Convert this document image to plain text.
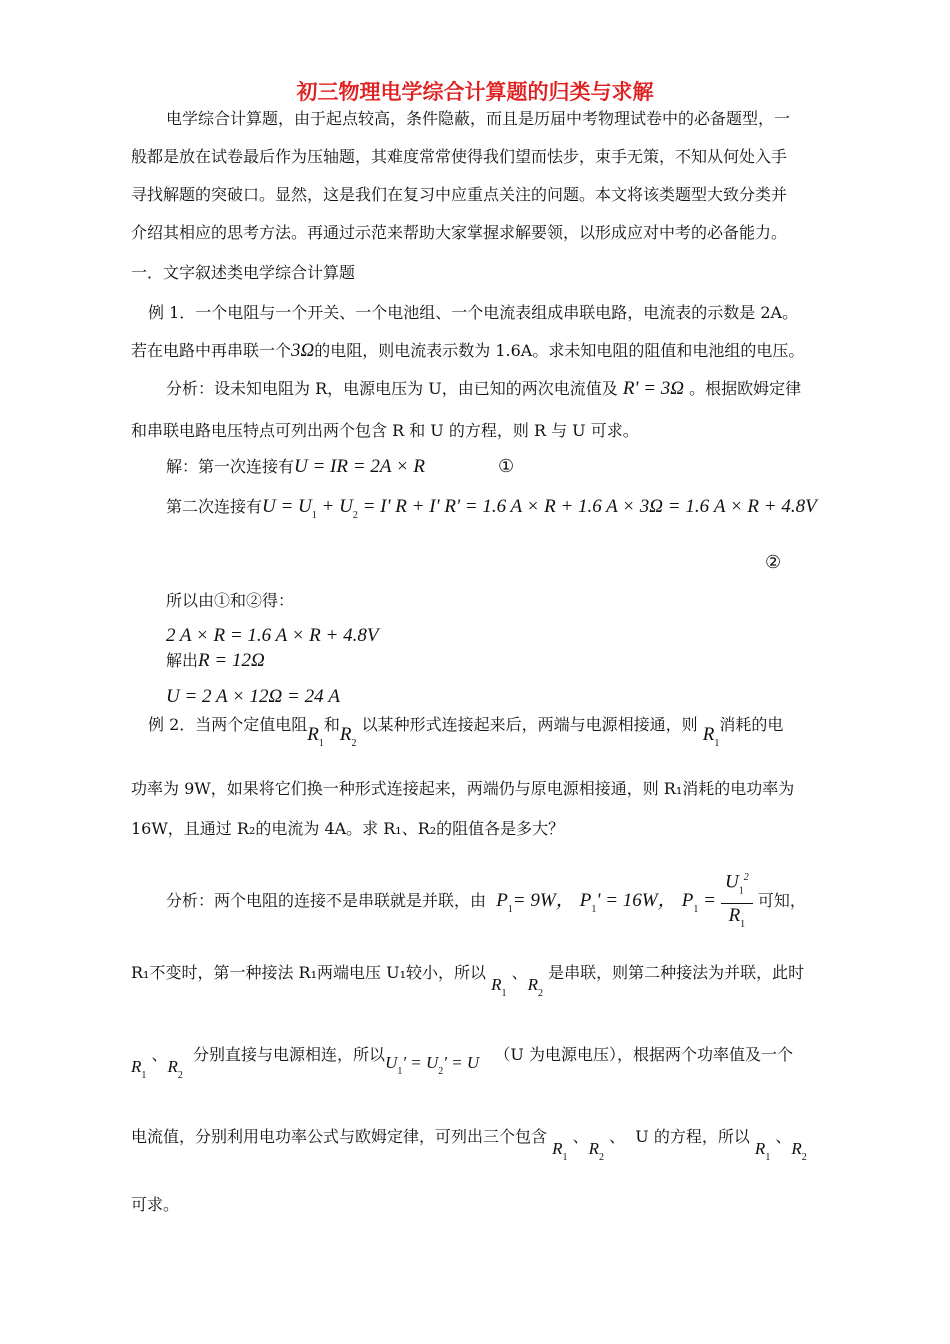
初三物理电学综合计算题的归类与求解
电学综合计算题，由于起点较高，条件隐蔽，而且是历届中考物理试卷中的必备题型，一
般都是放在试卷最后作为压轴题，其难度常常使得我们望而怯步，束手无策，不知从何处入手
寻找解题的突破口。显然，这是我们在复习中应重点关注的问题。本文将该类题型大致分类并
介绍其相应的思考方法。再通过示范来帮助大家掌握求解要领，以形成应对中考的必备能力。
一．文字叙述类电学综合计算题
例 1．一个电阻与一个开关、一个电池组、一个电流表组成串联电路，电流表的示数是 2A。
若在电路中再串联一个3Ω的电阻，则电流表示数为 1.6A。求未知电阻的阻值和电池组的电压。
分析：设未知电阻为 R，电源电压为 U，由已知的两次电流值及 R' = 3Ω 。根据欧姆定律
和串联电路电压特点可列出两个包含 R 和 U 的方程，则 R 与 U 可求。
解：第一次连接有U = IR = 2A × R	①
第二次连接有$U = U_1 + U_2 = I'$ R + I' R' = 1.6 A × R + 1.6 A × 3Ω = 1.6 A × R + 4.8V
②
所以由①和②得：
2 A × R = 1.6 A × R + 4.8V
解出R = 12Ω
U = 2 A × 12Ω = 24 A
例 2．当两个定值电阻$R_1$和$R_2$ 以某种形式连接起来后，两端与电源相接通，则 $R_1$消耗的电
功率为 9W，如果将它们换一种形式连接起来，两端仍与原电源相接通，则 R₁消耗的电功率为
16W，且通过 R₂的电流为 4A。求 R₁、R₂的阻值各是多大？
分析：两个电阻的连接不是串联就是并联，由 $P_1= 9W$， $P_1' = 16W$， $P_1 = \frac{U_1^2}{R_1}$ 可知，
R₁不变时，第一种接法 R₁两端电压 U₁较小，所以 $R_1$ 、$R_2$ 是串联，则第二种接法为并联，此时
$R_1$ 、$R_2$  分别直接与电源相连，所以$U_1' = U_2' = U$ （U 为电源电压），根据两个功率值及一个
电流值，分别利用电功率公式与欧姆定律，可列出三个包含 $R_1$ 、$R_2$ 、  U 的方程，所以 $R_1$ 、$R_2$
可求。
